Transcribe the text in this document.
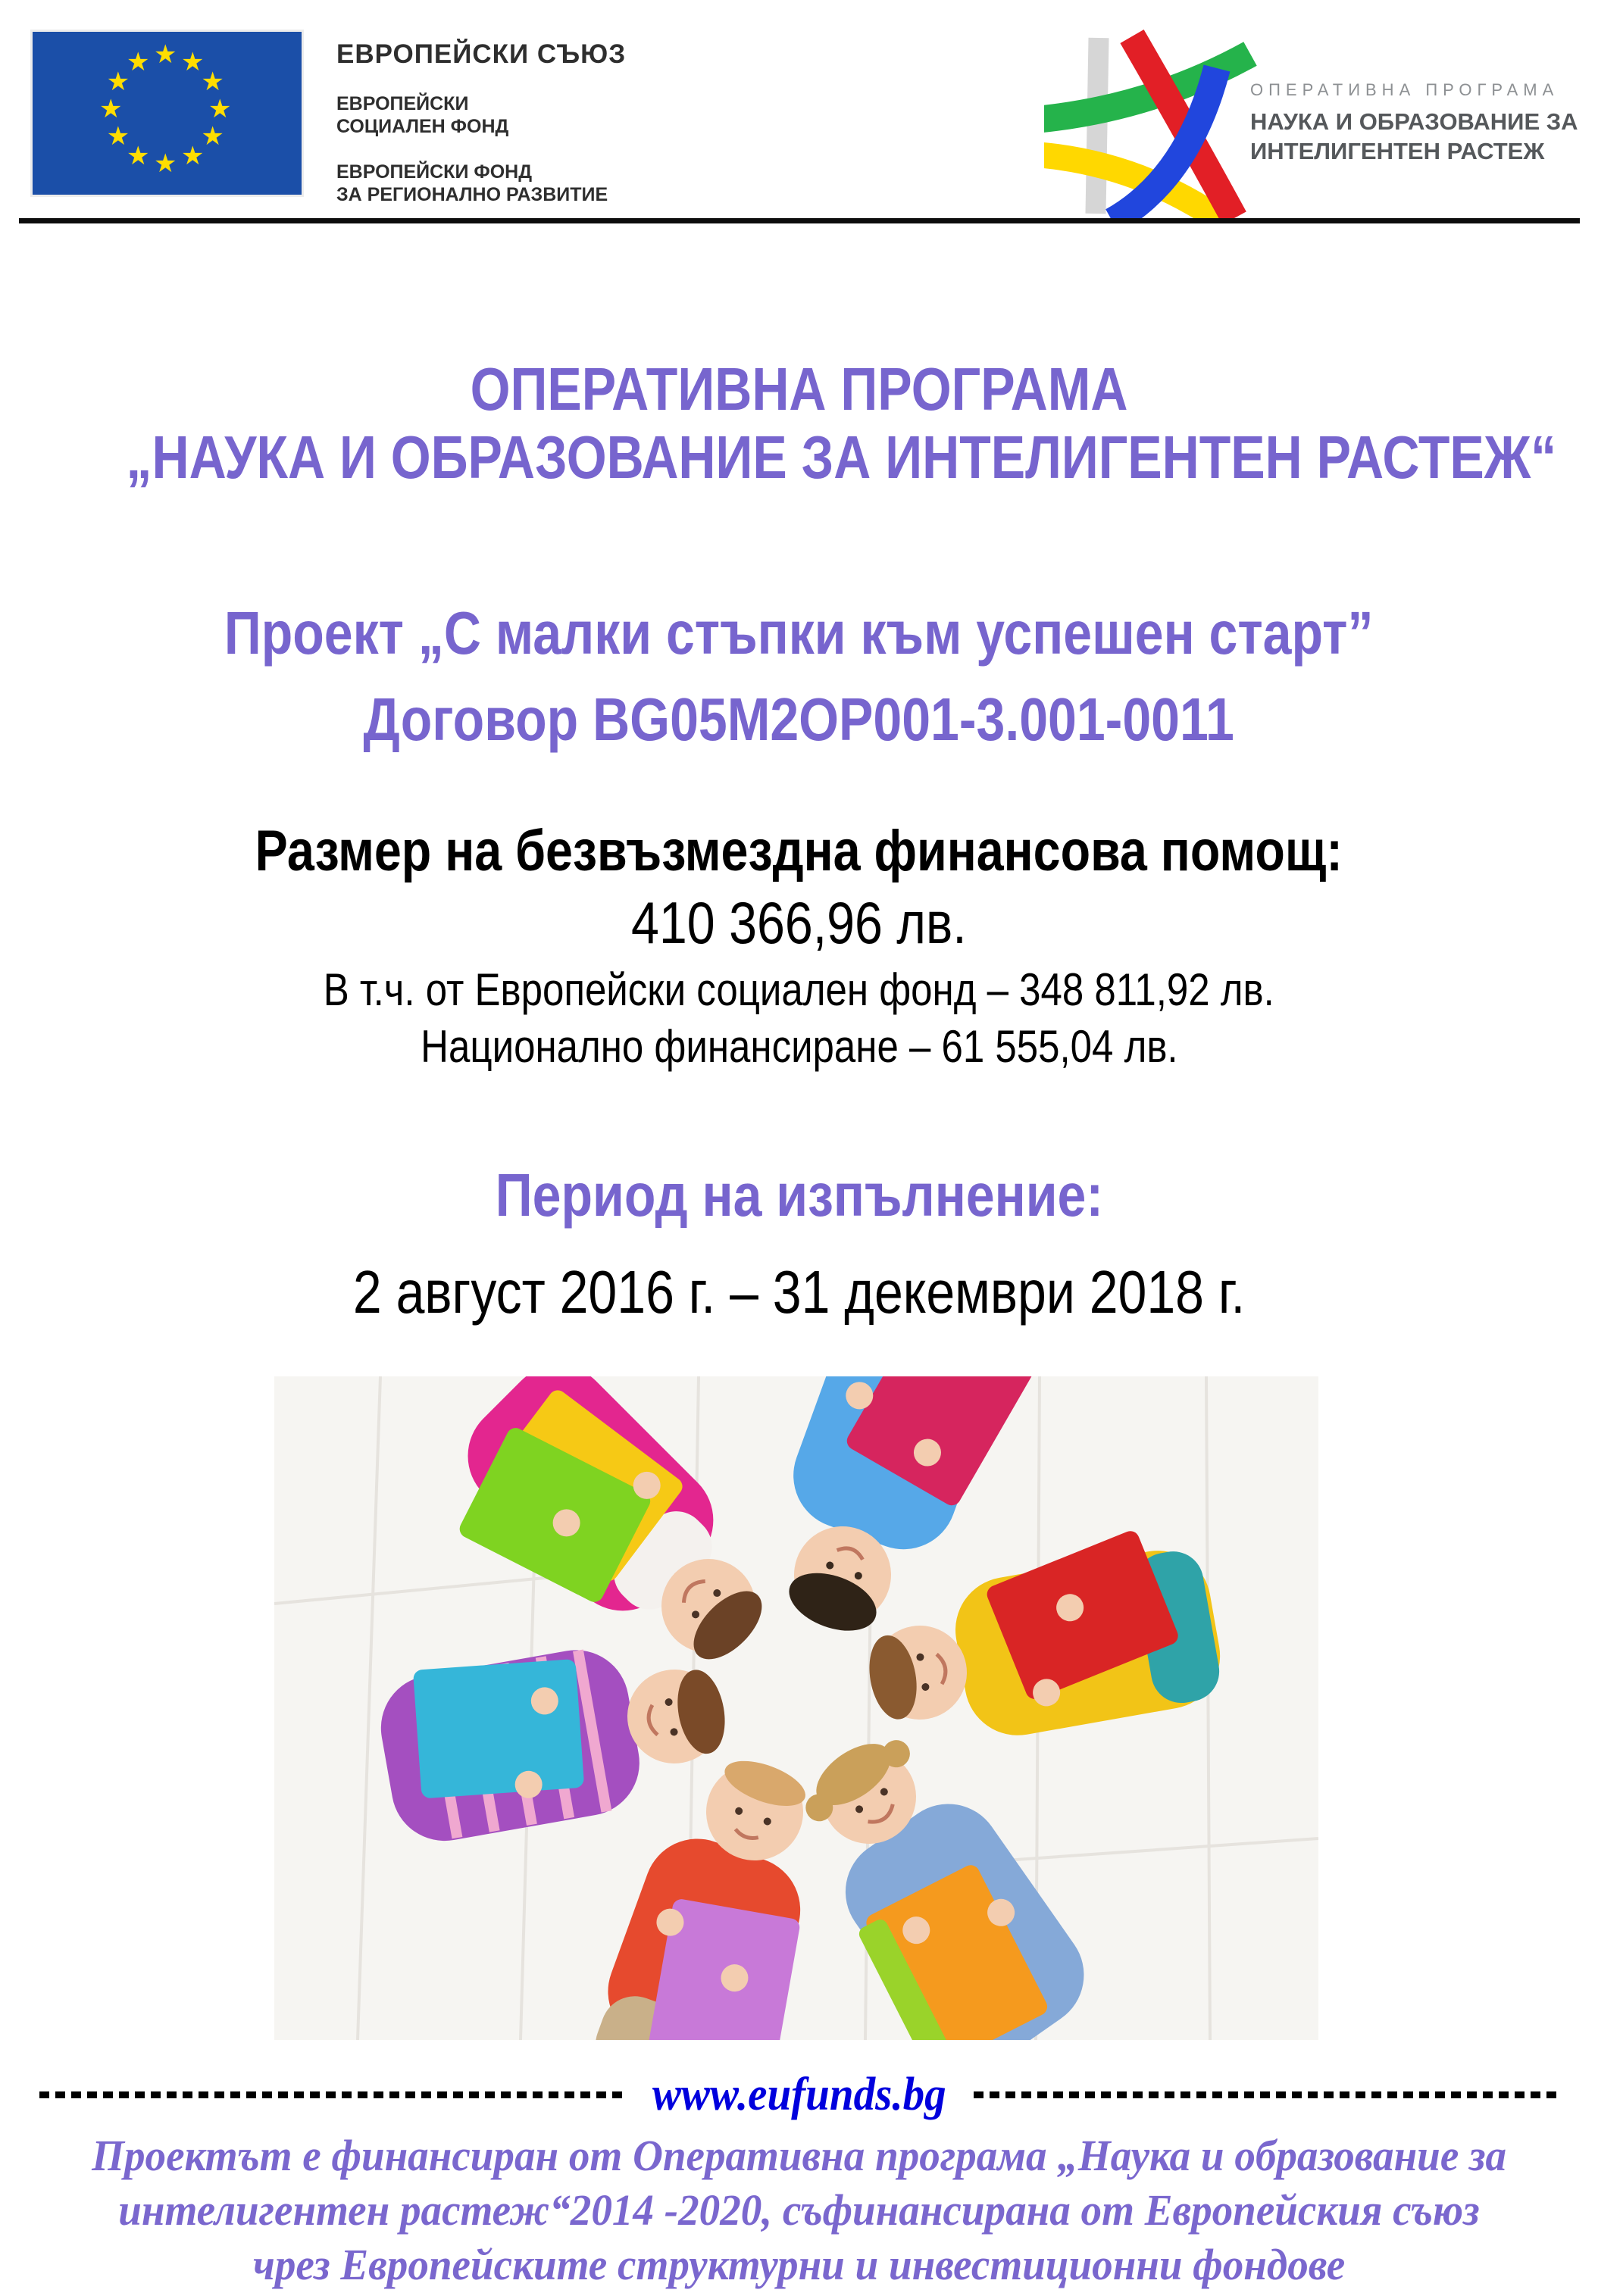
★ ★
★
★
★
★
★
★
★
★
★
★	ЕВРОПЕЙСКИ СЪЮЗ
ЕВРОПЕЙСКИ
СОЦИАЛЕН ФОНД
ЕВРОПЕЙСКИ ФОНД
ЗА РЕГИОНАЛНО РАЗВИТИЕ
ОПЕРАТИВНА ПРОГРАМА
НАУКА И ОБРАЗОВАНИЕ ЗА
ИНТЕЛИГЕНТЕН РАСТЕЖ
ОПЕРАТИВНА ПРОГРАМА
„НАУКА И ОБРАЗОВАНИЕ ЗА ИНТЕЛИГЕНТЕН РАСТЕЖ“
Проект „С малки стъпки към успешен старт”
Договор BG05M2OP001-3.001-0011
Размер на безвъзмездна финансова помощ:
410 366,96 лв.
В т.ч. от Европейски социален фонд – 348 811,92 лв.
Национално финансиране – 61 555,04 лв.
Период на изпълнение:
2 август 2016 г. – 31 декември 2018 г.
www.eufunds.bg
Проектът е финансиран от Оперативна програма „Наука и образование за
интелигентен растеж“2014 -2020, съфинансирана от Европейския съюз
чрез Европейските структурни и инвестиционни фондове
